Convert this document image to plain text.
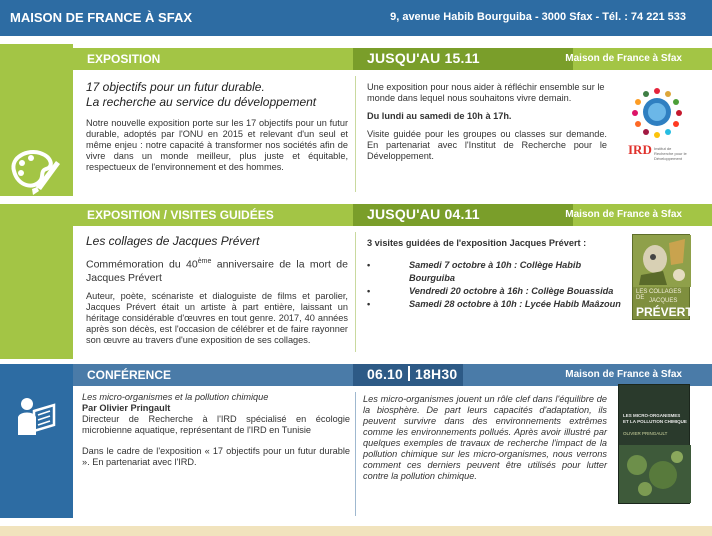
MAISON DE FRANCE À SFAX	9, avenue Habib Bourguiba - 3000 Sfax - Tél. : 74 221 533
EXPOSITION	JUSQU'AU 15.11	Maison de France à Sfax
17 objectifs pour un futur durable.
La recherche au service du développement
Notre nouvelle exposition porte sur les 17 objectifs pour un futur durable, adoptés par l'ONU en 2015 et relevant d'un seul et même enjeu : notre capacité à transformer nos sociétés afin de vivre dans un monde meilleur, plus juste et équitable, respectueux de l'environnement et des hommes.
Une exposition pour nous aider à réfléchir ensemble sur le monde dans lequel nous souhaitons vivre demain.
Du lundi au samedi de 10h à 17h.
Visite guidée pour les groupes ou classes sur demande. En partenariat avec l'Institut de Recherche pour le Développement.	IRD Institut de Recherche pour le Développement
EXPOSITION / VISITES GUIDÉES	JUSQU'AU 04.11	Maison de France à Sfax
Les collages de Jacques Prévert
Commémoration du 40ème anniversaire de la mort de Jacques Prévert
Auteur, poète, scénariste et dialoguiste de films et parolier, Jacques Prévert était un artiste à part entière, laissant un héritage considérable d'œuvres en tout genre. 2017, 40 années après son décès, est l'occasion de célébrer et de faire rayonner son œuvre au travers d'une exposition de ses collages.
3 visites guidées de l'exposition Jacques Prévert :
• Samedi 7 octobre à 10h : Collège Habib Bourguiba
• Vendredi 20 octobre à 16h : Collège Bouassida
• Samedi 28 octobre à 10h : Lycée Habib Maâzoun
LES COLLAGES DE JACQUES
PRÉVERT
CONFÉRENCE	06.10 18H30	Maison de France à Sfax
Les micro-organismes et la pollution chimique
Par Olivier Pringault
Directeur de Recherche à l'IRD spécialisé en écologie microbienne aquatique, représentant de l'IRD en Tunisie
Dans le cadre de l'exposition « 17 objectifs pour un futur durable ». En partenariat avec l'IRD.
Les micro-organismes jouent un rôle clef dans l'équilibre de la biosphère. De part leurs capacités d'adaptation, ils peuvent survivre dans des environnements extrêmes comme les environnements pollués. Après avoir illustré par quelques exemples de travaux de recherche l'impact de la pollution chimique sur les micro-organismes, nous verrons comment ces derniers peuvent être utilisés pour lutter contre la pollution chimique.
LES MICRO-ORGANISMES
ET LA POLLUTION CHIMIQUE
OLIVIER PRINGAULT
